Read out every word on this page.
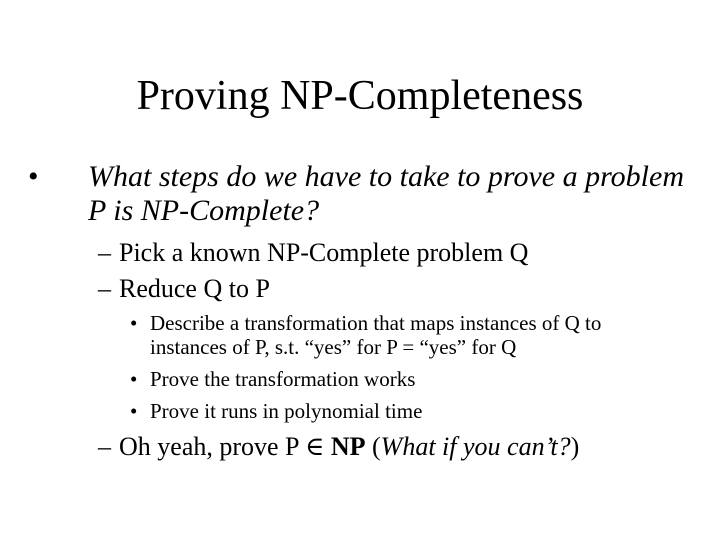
Proving NP-Completeness
• What steps do we have to take to prove a problem P is NP-Complete?
– Pick a known NP-Complete problem Q
– Reduce Q to P
• Describe a transformation that maps instances of Q to instances of P, s.t. “yes” for P = “yes” for Q
• Prove the transformation works
• Prove it runs in polynomial time
– Oh yeah, prove P ∈ NP (What if you can’t?)
